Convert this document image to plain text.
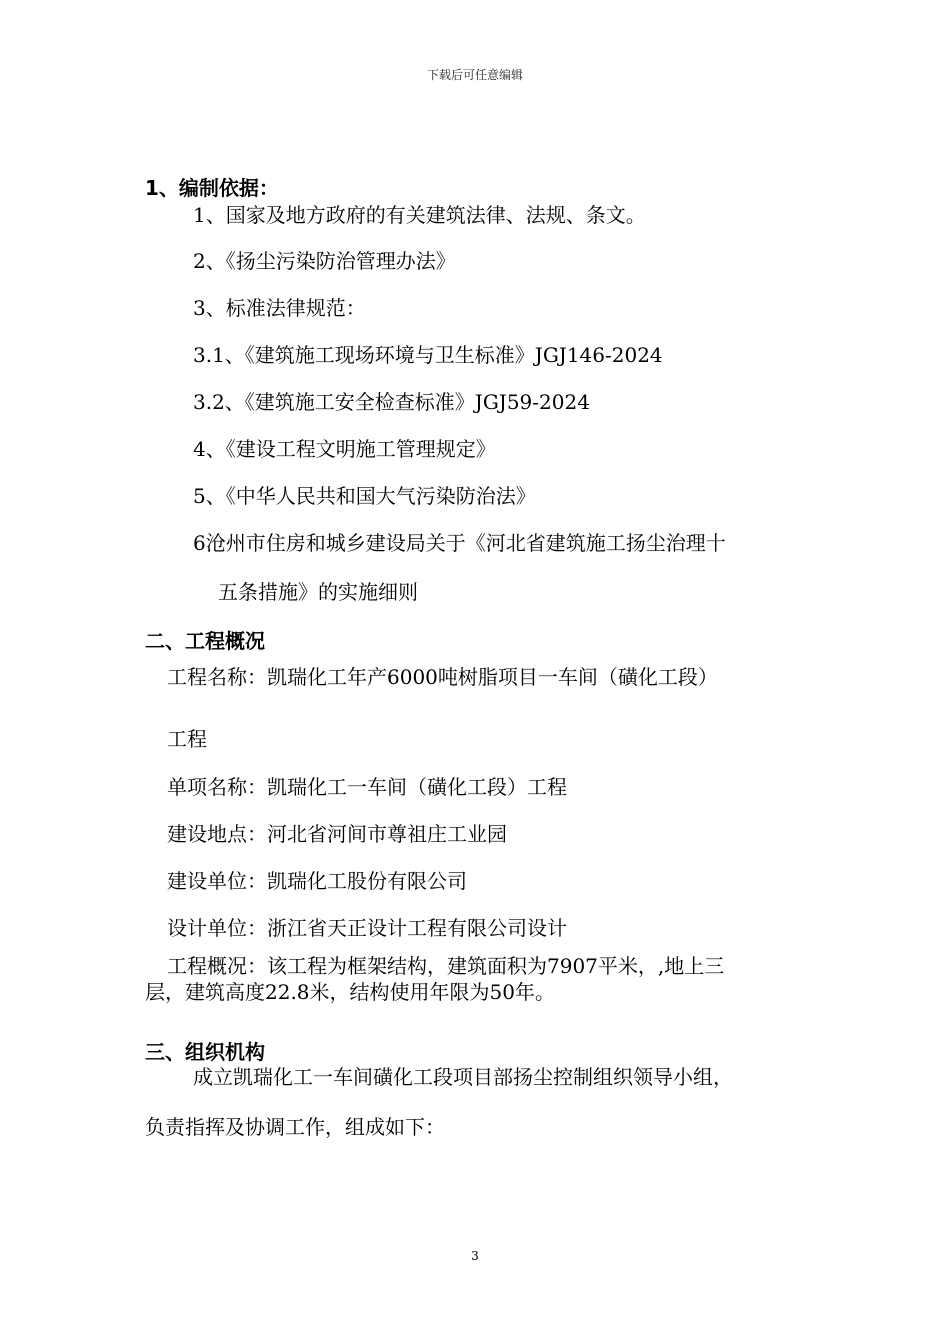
下载后可任意编辑
1、编制依据：
1、国家及地方政府的有关建筑法律、法规、条文。
2、《扬尘污染防治管理办法》
3、标准法律规范：
3.1、《建筑施工现场环境与卫生标准》JGJ146-2024
3.2、《建筑施工安全检查标准》JGJ59-2024
4、《建设工程文明施工管理规定》
5、《中华人民共和国大气污染防治法》
6沧州市住房和城乡建设局关于《河北省建筑施工扬尘治理十
五条措施》的实施细则
二、工程概况
工程名称：凯瑞化工年产6000吨树脂项目一车间（磺化工段）
工程
单项名称：凯瑞化工一车间（磺化工段）工程
建设地点：河北省河间市尊祖庄工业园
建设单位：凯瑞化工股份有限公司
设计单位：浙江省天正设计工程有限公司设计
工程概况：该工程为框架结构，建筑面积为7907平米，,地上三
层，建筑高度22.8米，结构使用年限为50年。
三、组织机构
成立凯瑞化工一车间磺化工段项目部扬尘控制组织领导小组，
负责指挥及协调工作，组成如下：
3
